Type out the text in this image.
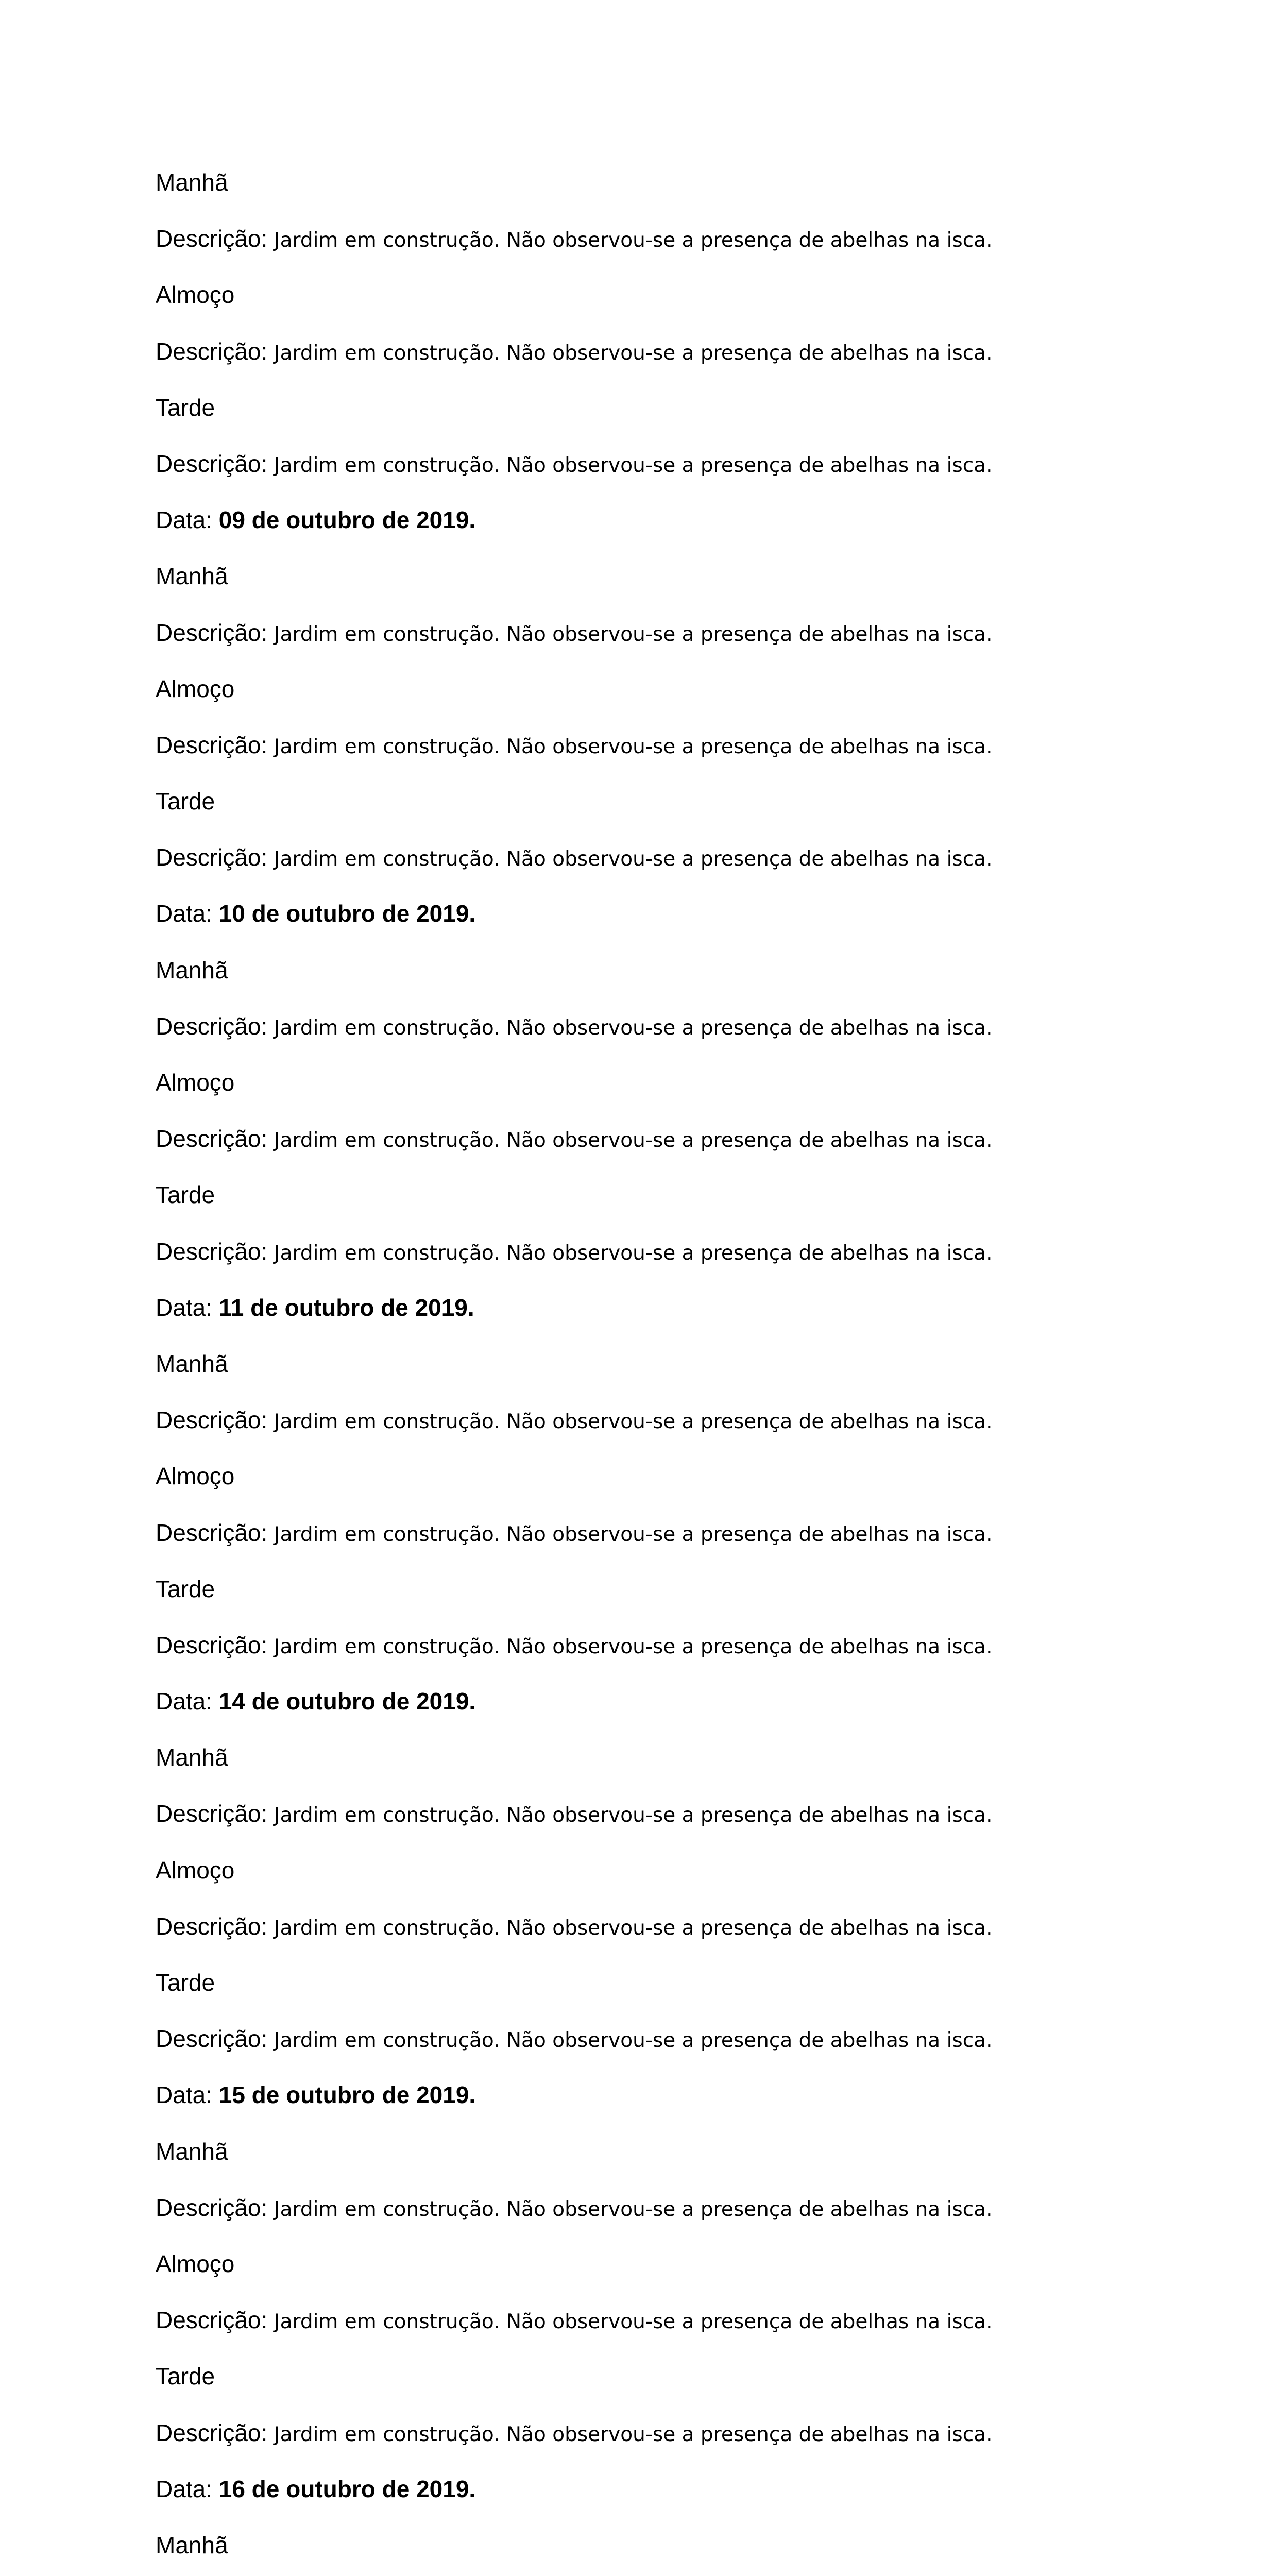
Manhã
Descrição: Jardim em construção. Não observou-se a presença de abelhas na isca.
Almoço
Descrição: Jardim em construção. Não observou-se a presença de abelhas na isca.
Tarde
Descrição: Jardim em construção. Não observou-se a presença de abelhas na isca.
Data: 09 de outubro de 2019.
Manhã
Descrição: Jardim em construção. Não observou-se a presença de abelhas na isca.
Almoço
Descrição: Jardim em construção. Não observou-se a presença de abelhas na isca.
Tarde
Descrição: Jardim em construção. Não observou-se a presença de abelhas na isca.
Data: 10 de outubro de 2019.
Manhã
Descrição: Jardim em construção. Não observou-se a presença de abelhas na isca.
Almoço
Descrição: Jardim em construção. Não observou-se a presença de abelhas na isca.
Tarde
Descrição: Jardim em construção. Não observou-se a presença de abelhas na isca.
Data: 11 de outubro de 2019.
Manhã
Descrição: Jardim em construção. Não observou-se a presença de abelhas na isca.
Almoço
Descrição: Jardim em construção. Não observou-se a presença de abelhas na isca.
Tarde
Descrição: Jardim em construção. Não observou-se a presença de abelhas na isca.
Data: 14 de outubro de 2019.
Manhã
Descrição: Jardim em construção. Não observou-se a presença de abelhas na isca.
Almoço
Descrição: Jardim em construção. Não observou-se a presença de abelhas na isca.
Tarde
Descrição: Jardim em construção. Não observou-se a presença de abelhas na isca.
Data: 15 de outubro de 2019.
Manhã
Descrição: Jardim em construção. Não observou-se a presença de abelhas na isca.
Almoço
Descrição: Jardim em construção. Não observou-se a presença de abelhas na isca.
Tarde
Descrição: Jardim em construção. Não observou-se a presença de abelhas na isca.
Data: 16 de outubro de 2019.
Manhã
